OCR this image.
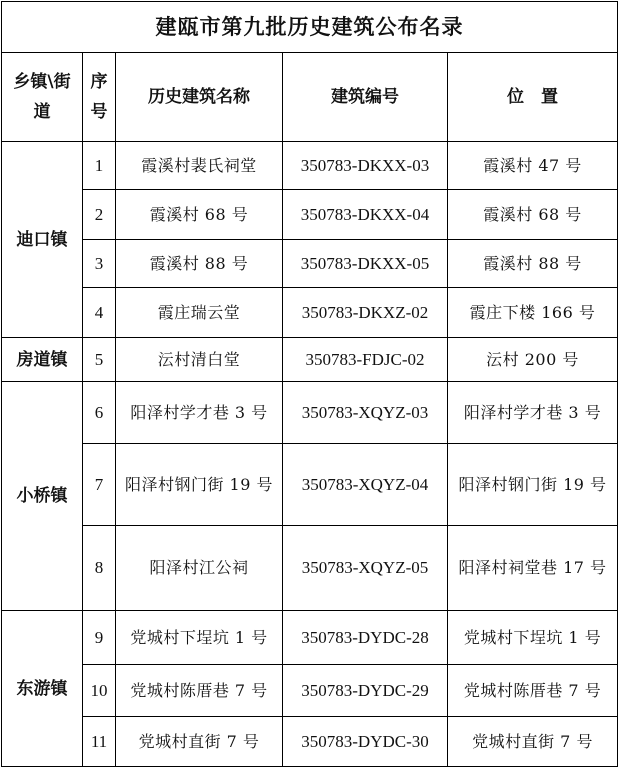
建瓯市第九批历史建筑公布名录				
乡镇\街道	序号	历史建筑名称	建筑编号	位　置
迪口镇	1	霞溪村裴氏祠堂	350783-DKXX-03	霞溪村 47 号
	2	霞溪村 68 号	350783-DKXX-04	霞溪村 68 号
	3	霞溪村 88 号	350783-DKXX-05	霞溪村 88 号
	4	霞庄瑞云堂	350783-DKXZ-02	霞庄下楼 166 号
房道镇	5	沄村清白堂	350783-FDJC-02	沄村 200 号
小桥镇	6	阳泽村学才巷 3 号	350783-XQYZ-03	阳泽村学才巷 3 号
	7	阳泽村钢门街 19 号	350783-XQYZ-04	阳泽村钢门街 19 号
	8	阳泽村江公祠	350783-XQYZ-05	阳泽村祠堂巷 17 号
东游镇	9	党城村下埕坑 1 号	350783-DYDC-28	党城村下埕坑 1 号
	10	党城村陈厝巷 7 号	350783-DYDC-29	党城村陈厝巷 7 号
	11	党城村直街 7 号	350783-DYDC-30	党城村直街 7 号
